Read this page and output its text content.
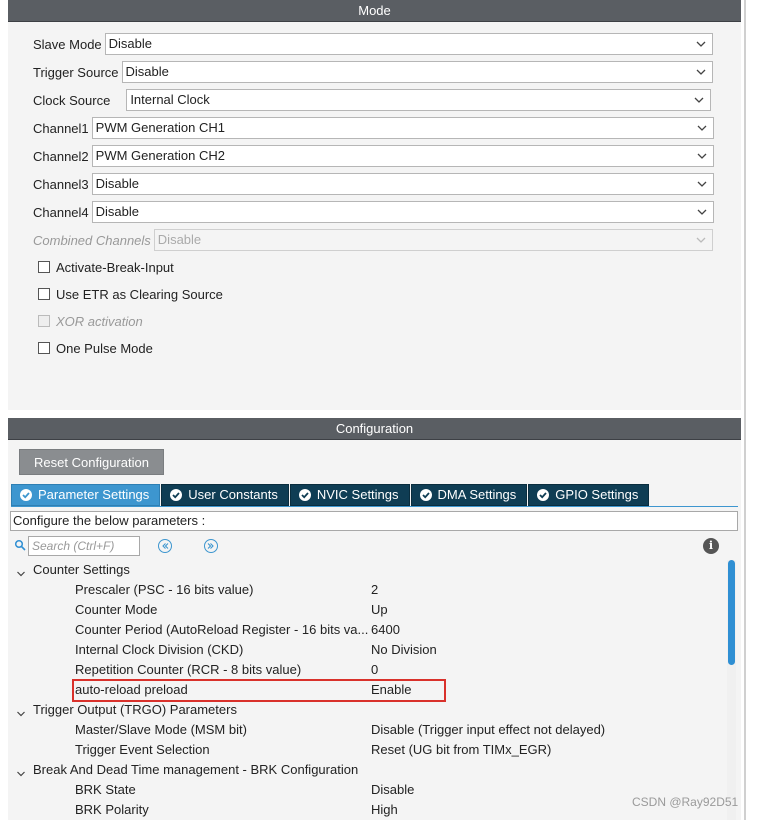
Mode
Slave Mode Disable
Trigger Source Disable
Clock Source	Internal Clock
Channel1 PWM Generation CH1
Channel2 PWM Generation CH2
Channel3 Disable
Channel4 Disable
Combined Channels Disable
Activate-Break-Input
Use ETR as Clearing Source
XOR activation
One Pulse Mode
Configuration
Reset Configuration
Parameter Settings	User Constants	NVIC Settings	DMA Settings	GPIO Settings
Configure the below parameters :
Search (Ctrl+F)	i
Counter Settings
Prescaler (PSC - 16 bits value)	2
Counter Mode	Up
Counter Period (AutoReload Register - 16 bits va... 6400
Internal Clock Division (CKD)	No Division
Repetition Counter (RCR - 8 bits value)	0
auto-reload preload	Enable
Trigger Output (TRGO) Parameters
Master/Slave Mode (MSM bit)	Disable (Trigger input effect not delayed)
Trigger Event Selection	Reset (UG bit from TIMx_EGR)
Break And Dead Time management - BRK Configuration
BRK State	Disable
BRK Polarity	High	CSDN @Ray92D51
